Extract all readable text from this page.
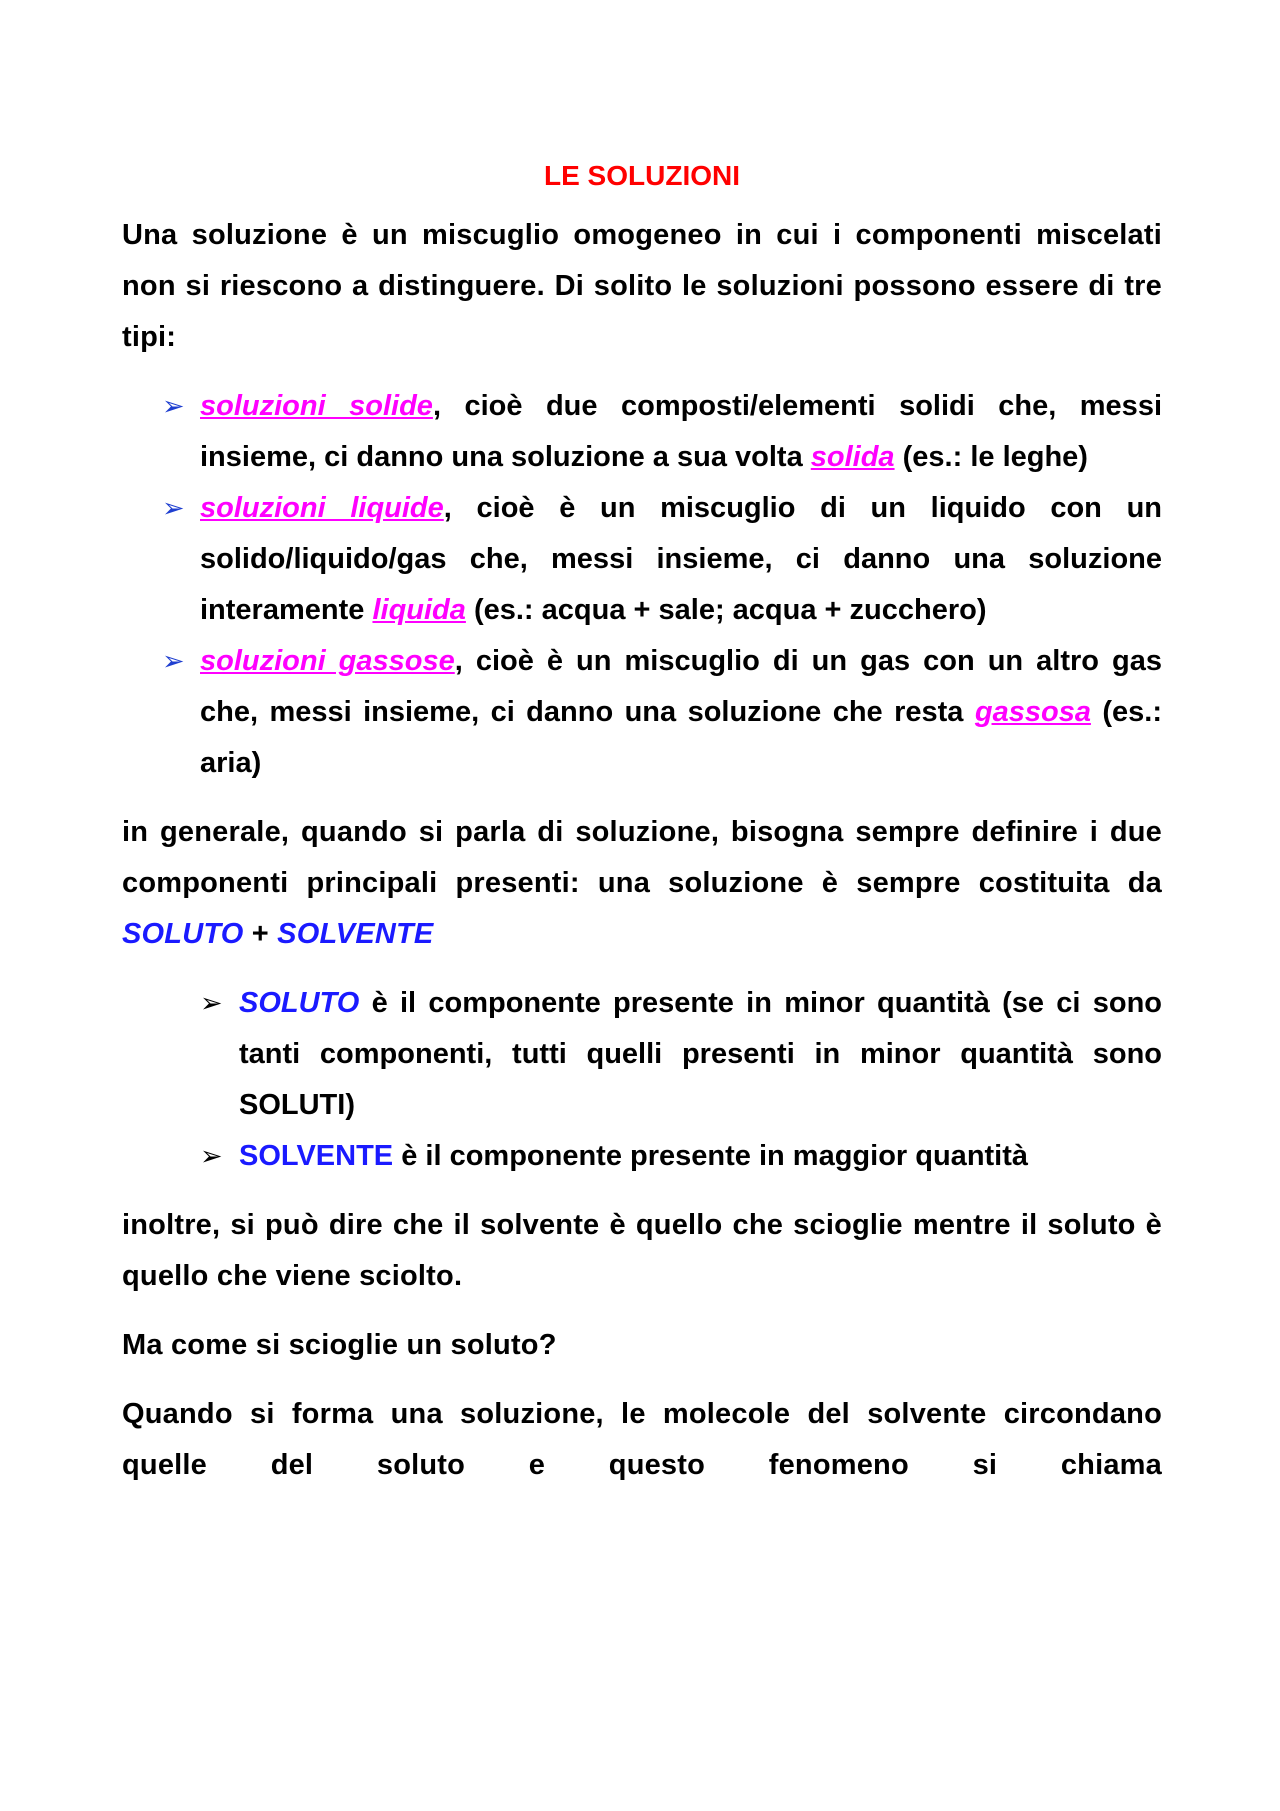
LE SOLUZIONI

Una soluzione è un miscuglio omogeneo in cui i componenti miscelati non si riescono a distinguere. Di solito le soluzioni possono essere di tre tipi:

➢ soluzioni solide, cioè due composti/elementi solidi che, messi insieme, ci danno una soluzione a sua volta solida (es.: le leghe)
➢ soluzioni liquide, cioè è un miscuglio di un liquido con un solido/liquido/gas che, messi insieme, ci danno una soluzione interamente liquida (es.: acqua + sale; acqua + zucchero)
➢ soluzioni gassose, cioè è un miscuglio di un gas con un altro gas che, messi insieme, ci danno una soluzione che resta gassosa (es.: aria)

in generale, quando si parla di soluzione, bisogna sempre definire i due componenti principali presenti: una soluzione è sempre costituita da SOLUTO + SOLVENTE

➢ SOLUTO è il componente presente in minor quantità (se ci sono tanti componenti, tutti quelli presenti in minor quantità sono SOLUTI)
➢ SOLVENTE è il componente presente in maggior quantità

inoltre, si può dire che il solvente è quello che scioglie mentre il soluto è quello che viene sciolto.

Ma come si scioglie un soluto?

Quando si forma una soluzione, le molecole del solvente circondano quelle del soluto e questo fenomeno si chiama
